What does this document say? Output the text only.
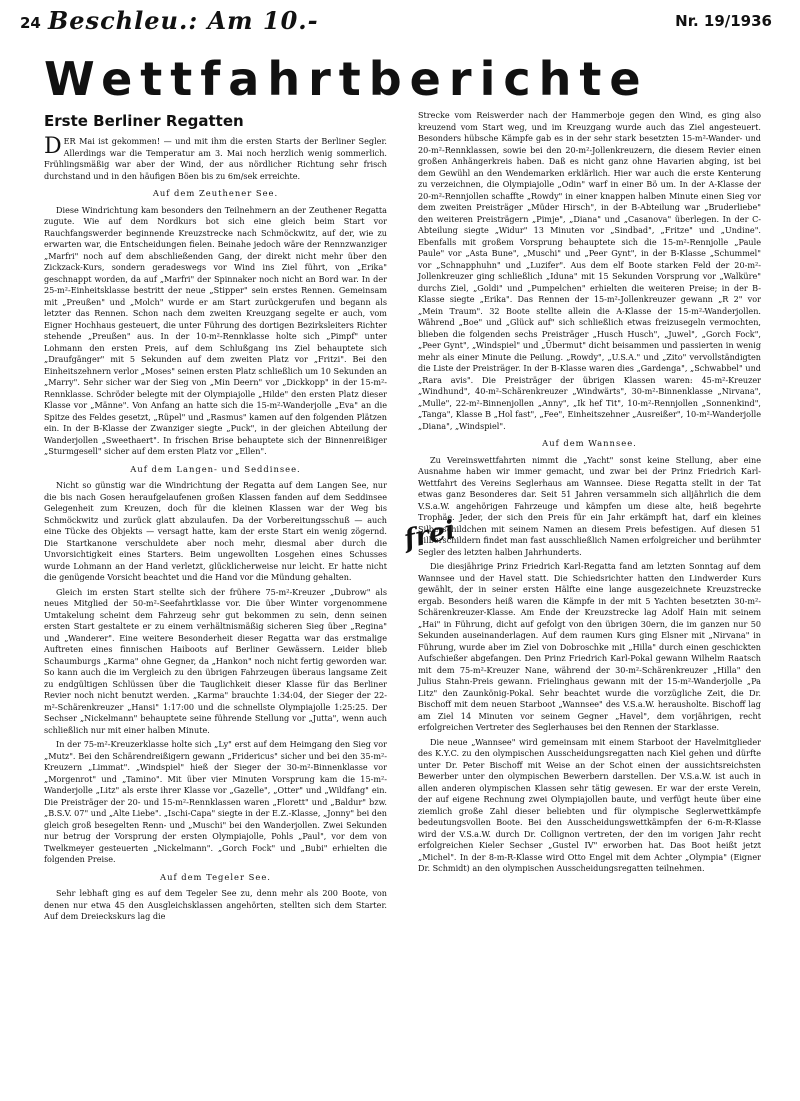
24 Beschleu.: Am 10.-	Nr. 19/1936
Wettfahrtberichte
Erste Berliner Regatten

DER Mai ist gekommen! — und mit ihm die ersten Starts der Berliner Segler. Allerdings war die Temperatur am 3. Mai noch herzlich wenig sommerlich. Frühlingsmäßig war aber der Wind, der aus nördlicher Richtung sehr frisch durchstand und in den häufigen Böen bis zu 6m/sek erreichte.

Auf dem Zeuthener See.

Diese Windrichtung kam besonders den Teilnehmern an der Zeuthener Regatta zugute. Wie auf dem Nordkurs bot sich eine gleich beim Start vor Rauchfangswerder beginnende Kreuzstrecke nach Schmöckwitz, auf der, wie zu erwarten war, die Entscheidungen fielen. Beinahe jedoch wäre der Rennzwanziger „Marfri" noch auf dem abschließenden Gang, der direkt nicht mehr über den Zickzack-Kurs, sondern geradeswegs vor Wind ins Ziel führt, von „Erika" geschnappt worden, da auf „Marfri" der Spinnaker noch nicht an Bord war. In der 25-m²-Einheitsklasse bestritt der neue „Stipper" sein erstes Rennen. Gemeinsam mit „Preußen" und „Molch" wurde er am Start zurückgerufen und begann als letzter das Rennen. Schon nach dem zweiten Kreuzgang segelte er auch, vom Eigner Hochhaus gesteuert, die unter Führung des dortigen Bezirksleiters Richter stehende „Preußen" aus. In der 10-m²-Rennklasse holte sich „Pimpf" unter Lohmann den ersten Preis, auf dem Schlußgang ins Ziel behauptete sich „Draufgänger" mit 5 Sekunden auf dem zweiten Platz vor „Fritzi". Bei den Einheitszehnern verlor „Moses" seinen ersten Platz schließlich um 10 Sekunden an „Marry". Sehr sicher war der Sieg von „Min Deern" vor „Dickkopp" in der 15-m²-Rennklasse. Schröder belegte mit der Olympiajolle „Hilde" den ersten Platz dieser Klasse vor „Männe". Von Anfang an hatte sich die 15-m²-Wanderjolle „Eva" an die Spitze des Feldes gesetzt, „Rüpel" und „Rasmus" kamen auf den folgenden Plätzen ein. In der B-Klasse der Zwanziger siegte „Puck", in der gleichen Abteilung der Wanderjollen „Sweethaert". In frischen Brise behauptete sich der Binnenreißiger „Sturmgesell" sicher auf dem ersten Platz vor „Ellen".

Auf dem Langen- und Seddinsee.

Nicht so günstig war die Windrichtung der Regatta auf dem Langen See, nur die bis nach Gosen heraufgelaufenen großen Klassen fanden auf dem Seddinsee Gelegenheit zum Kreuzen, doch für die kleinen Klassen war der Weg bis Schmöckwitz und zurück glatt abzulaufen. Da der Vorbereitungsschuß — auch eine Tücke des Objekts — versagt hatte, kam der erste Start ein wenig zögernd. Die Startkanone verschuldete aber noch mehr, diesmal aber durch die Unvorsichtigkeit eines Starters. Beim ungewollten Losgehen eines Schusses wurde Lohmann an der Hand verletzt, glücklicherweise nur leicht. Er hatte nicht die genügende Vorsicht beachtet und die Hand vor die Mündung gehalten.

Gleich im ersten Start stellte sich der frühere 75-m²-Kreuzer „Dubrow" als neues Mitglied der 50-m²-Seefahrtklasse vor. Die über Winter vorgenommene Umtakelung scheint dem Fahrzeug sehr gut bekommen zu sein, denn seinen ersten Start gestaltete er zu einem verhältnismäßig sicheren Sieg über „Regina" und „Wanderer". Eine weitere Besonderheit dieser Regatta war das erstmalige Auftreten eines finnischen Haiboots auf Berliner Gewässern. Leider blieb Schaumburgs „Karma" ohne Gegner, da „Hankon" noch nicht fertig geworden war. So kann auch die im Vergleich zu den übrigen Fahrzeugen überaus langsame Zeit zu endgültigen Schlüssen über die Tauglichkeit dieser Klasse für das Berliner Revier noch nicht benutzt werden. „Karma" brauchte 1:34:04, der Sieger der 22-m²-Schärenkreuzer „Hansi" 1:17:00 und die schnellste Olympiajolle 1:25:25. Der Sechser „Nickelmann" behauptete seine führende Stellung vor „Jutta", wenn auch schließlich nur mit einer halben Minute.

In der 75-m²-Kreuzerklasse holte sich „Ly" erst auf dem Heimgang den Sieg vor „Mutz". Bei den Schärendreißigern gewann „Fridericus" sicher und bei den 35-m²-Kreuzern „Limmat". „Windspiel" hieß der Sieger der 30-m²-Binnenklasse vor „Morgenrot" und „Tamino". Mit über vier Minuten Vorsprung kam die 15-m²-Wanderjolle „Litz" als erste ihrer Klasse vor „Gazelle", „Otter" und „Wildfang" ein. Die Preisträger der 20- und 15-m²-Rennklassen waren „Florett" und „Baldur" bzw. „B.S.V. 07" und „Alte Liebe". „Ischi-Capa" siegte in der E.Z.-Klasse, „Jonny" bei den gleich groß besegelten Renn- und „Muschi" bei den Wanderjollen. Zwei Sekunden nur betrug der Vorsprung der ersten Olympiajolle, Pohls „Paul", vor dem von Twelkmeyer gesteuerten „Nickelmann". „Gorch Fock" und „Bubi" erhielten die folgenden Preise.

Auf dem Tegeler See.

Sehr lebhaft ging es auf dem Tegeler See zu, denn mehr als 200 Boote, von denen nur etwa 45 den Ausgleichsklassen angehörten, stellten sich dem Starter. Auf dem Dreieckskurs lag die

frei

Strecke vom Reiswerder nach der Hammerboje gegen den Wind, es ging also kreuzend vom Start weg, und im Kreuzgang wurde auch das Ziel angesteuert. Besonders hübsche Kämpfe gab es in der sehr stark besetzten 15-m²-Wander- und 20-m²-Rennklassen, sowie bei den 20-m²-Jollenkreuzern, die diesem Revier einen großen Anhängerkreis haben. Daß es nicht ganz ohne Havarien abging, ist bei dem Gewühl an den Wendemarken erklärlich. Hier war auch die erste Kenterung zu verzeichnen, die Olympiajolle „Odin" warf in einer Bö um. In der A-Klasse der 20-m²-Rennjollen schaffte „Rowdy" in einer knappen halben Minute einen Sieg vor dem zweiten Preisträger „Müder Hirsch", in der B-Abteilung war „Bruderliebe" den weiteren Preisträgern „Pimje", „Diana" und „Casanova" überlegen. In der C-Abteilung siegte „Widur" 13 Minuten vor „Sindbad", „Fritze" und „Undine". Ebenfalls mit großem Vorsprung behauptete sich die 15-m²-Rennjolle „Paule Paule" vor „Asta Bune", „Muschi" und „Peer Gynt", in der B-Klasse „Schummel" vor „Schnapphuhn" und „Luzifer". Aus dem elf Boote starken Feld der 20-m²-Jollenkreuzer ging schließlich „Iduna" mit 15 Sekunden Vorsprung vor „Walküre" durchs Ziel, „Goldi" und „Pumpelchen" erhielten die weiteren Preise; in der B-Klasse siegte „Erika". Das Rennen der 15-m²-Jollenkreuzer gewann „R 2" vor „Mein Traum". 32 Boote stellte allein die A-Klasse der 15-m²-Wanderjollen. Während „Boe" und „Glück auf" sich schließlich etwas freizusegeln vermochten, blieben die folgenden sechs Preisträger „Husch Husch", „Juwel", „Gorch Fock", „Peer Gynt", „Windspiel" und „Übermut" dicht beisammen und passierten in wenig mehr als einer Minute die Peilung. „Rowdy", „U.S.A." und „Zito" vervollständigten die Liste der Preisträger. In der B-Klasse waren dies „Gardenga", „Schwabbel" und „Rara avis". Die Preisträger der übrigen Klassen waren: 45-m²-Kreuzer „Windhund", 40-m²-Schärenkreuzer „Windwärts", 30-m²-Binnenklasse „Nirvana", „Mulle", 22-m²-Binnenjollen „Anny", „Ik hef Tit", 10-m²-Rennjollen „Sonnenkind", „Tanga", Klasse B „Hol fast", „Fee", Einheitszehner „Ausreißer", 10-m²-Wanderjolle „Diana", „Windspiel".

Auf dem Wannsee.

Zu Vereinswettfahrten nimmt die „Yacht" sonst keine Stellung, aber eine Ausnahme haben wir immer gemacht, und zwar bei der Prinz Friedrich Karl-Wettfahrt des Vereins Seglerhaus am Wannsee. Diese Regatta stellt in der Tat etwas ganz Besonderes dar. Seit 51 Jahren versammeln sich alljährlich die dem V.S.a.W. angehörigen Fahrzeuge und kämpfen um diese alte, heiß begehrte Trophäe. Jeder, der sich den Preis für ein Jahr erkämpft hat, darf ein kleines Silberschildchen mit seinem Namen an diesem Preis befestigen. Auf diesen 51 Silberschildern findet man fast ausschließlich Namen erfolgreicher und berühmter Segler des letzten halben Jahrhunderts.

Die diesjährige Prinz Friedrich Karl-Regatta fand am letzten Sonntag auf dem Wannsee und der Havel statt. Die Schiedsrichter hatten den Lindwerder Kurs gewählt, der in seiner ersten Hälfte eine lange ausgezeichnete Kreuzstrecke ergab. Besonders heiß waren die Kämpfe in der mit 5 Yachten besetzten 30-m²-Schärenkreuzer-Klasse. Am Ende der Kreuzstrecke lag Adolf Hain mit seinem „Hai" in Führung, dicht auf gefolgt von den übrigen 30ern, die im ganzen nur 50 Sekunden auseinanderlagen. Auf dem raumen Kurs ging Elsner mit „Nirvana" in Führung, wurde aber im Ziel von Dobroschke mit „Hilla" durch einen geschickten Aufschießer abgefangen. Den Prinz Friedrich Karl-Pokal gewann Wilhelm Raatsch mit dem 75-m²-Kreuzer Nane, während der 30-m²-Schärenkreuzer „Hilla" den Julius Stahn-Preis gewann. Frielinghaus gewann mit der 15-m²-Wanderjolle „Pa Litz" den Zaunkönig-Pokal. Sehr beachtet wurde die vorzügliche Zeit, die Dr. Bischoff mit dem neuen Starboot „Wannsee" des V.S.a.W. herausholte. Bischoff lag am Ziel 14 Minuten vor seinem Gegner „Havel", dem vorjährigen, recht erfolgreichen Vertreter des Seglerhauses bei den Rennen der Starklasse.

Die neue „Wannsee" wird gemeinsam mit einem Starboot der Havelmitglieder des K.Y.C. zu den olympischen Ausscheidungsregatten nach Kiel gehen und dürfte unter Dr. Peter Bischoff mit Weise an der Schot einen der aussichtsreichsten Bewerber unter den olympischen Bewerbern darstellen. Der V.S.a.W. ist auch in allen anderen olympischen Klassen sehr tätig gewesen. Er war der erste Verein, der auf eigene Rechnung zwei Olympiajollen baute, und verfügt heute über eine ziemlich große Zahl dieser beliebten und für olympische Seglerwettkämpfe bedeutungsvollen Boote. Bei den Ausscheidungswettkämpfen der 6-m-R-Klasse wird der V.S.a.W. durch Dr. Collignon vertreten, der den im vorigen Jahr recht erfolgreichen Kieler Sechser „Gustel IV" erworben hat. Das Boot heißt jetzt „Michel". In der 8-m-R-Klasse wird Otto Engel mit dem Achter „Olympia" (Eigner Dr. Schmidt) an den olympischen Ausscheidungsregatten teilnehmen.
